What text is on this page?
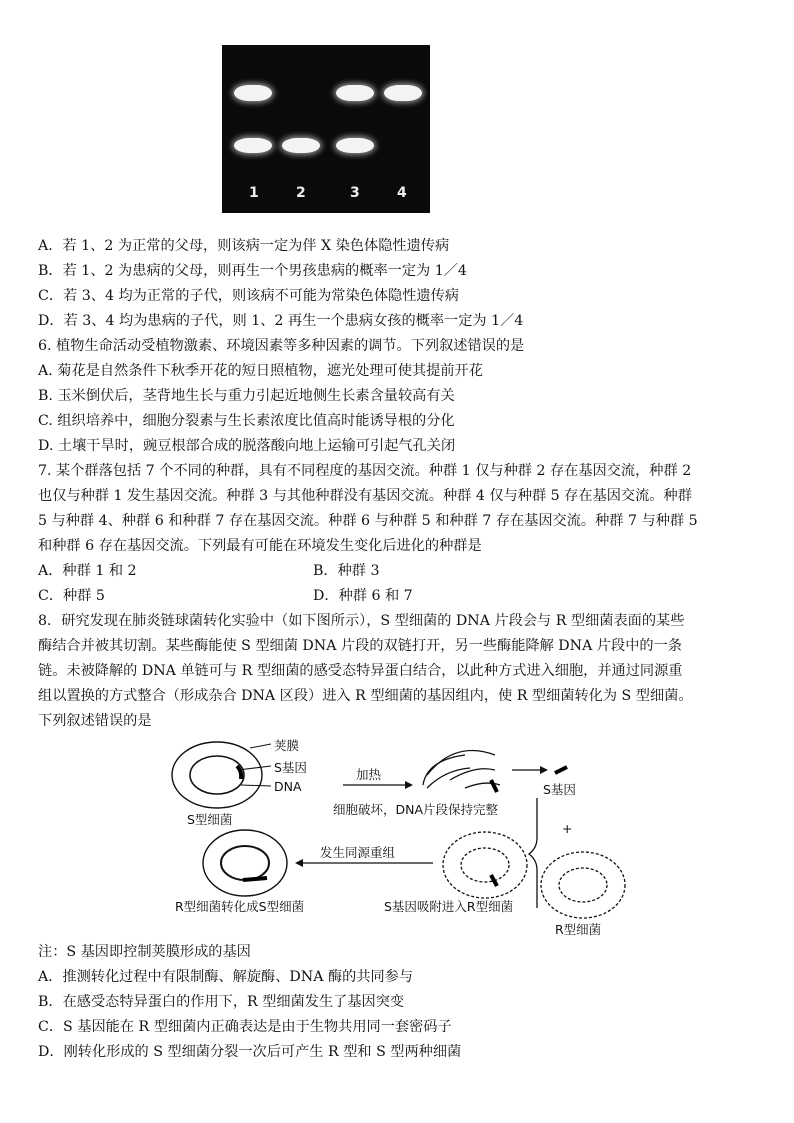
1	2	3	4
A．若 1、2 为正常的父母，则该病一定为伴 X 染色体隐性遗传病
B．若 1、2 为患病的父母，则再生一个男孩患病的概率一定为 1／4
C．若 3、4 均为正常的子代，则该病不可能为常染色体隐性遗传病
D．若 3、4 均为患病的子代，则 1、2 再生一个患病女孩的概率一定为 1／4
6. 植物生命活动受植物激素、环境因素等多种因素的调节。下列叙述错误的是
A. 菊花是自然条件下秋季开花的短日照植物，遮光处理可使其提前开花
B. 玉米倒伏后，茎背地生长与重力引起近地侧生长素含量较高有关
C. 组织培养中，细胞分裂素与生长素浓度比值高时能诱导根的分化
D. 土壤干旱时，豌豆根部合成的脱落酸向地上运输可引起气孔关闭
7. 某个群落包括 7 个不同的种群，具有不同程度的基因交流。种群 1 仅与种群 2 存在基因交流，种群 2
也仅与种群 1 发生基因交流。种群 3 与其他种群没有基因交流。种群 4 仅与种群 5 存在基因交流。种群
5 与种群 4、种群 6 和种群 7 存在基因交流。种群 6 与种群 5 和种群 7 存在基因交流。种群 7 与种群 5
和种群 6 存在基因交流。下列最有可能在环境发生变化后进化的种群是
A．种群 1 和 2	B．种群 3
C．种群 5	D．种群 6 和 7
8．研究发现在肺炎链球菌转化实验中（如下图所示），S 型细菌的 DNA 片段会与 R 型细菌表面的某些
酶结合并被其切割。某些酶能使 S 型细菌 DNA 片段的双链打开，另一些酶能降解 DNA 片段中的一条
链。未被降解的 DNA 单链可与 R 型细菌的感受态特异蛋白结合，以此种方式进入细胞，并通过同源重
组以置换的方式整合（形成杂合 DNA 区段）进入 R 型细菌的基因组内，使 R 型细菌转化为 S 型细菌。
下列叙述错误的是
荚膜
S基因
DNA
加热
细胞破坏，DNA片段保持完整
S基因
+
S型细菌
发生同源重组
R型细菌转化成S型细菌	S基因吸附进入R型细菌
R型细菌
注：S 基因即控制荚膜形成的基因
A．推测转化过程中有限制酶、解旋酶、DNA 酶的共同参与
B．在感受态特异蛋白的作用下，R 型细菌发生了基因突变
C．S 基因能在 R 型细菌内正确表达是由于生物共用同一套密码子
D．刚转化形成的 S 型细菌分裂一次后可产生 R 型和 S 型两种细菌
